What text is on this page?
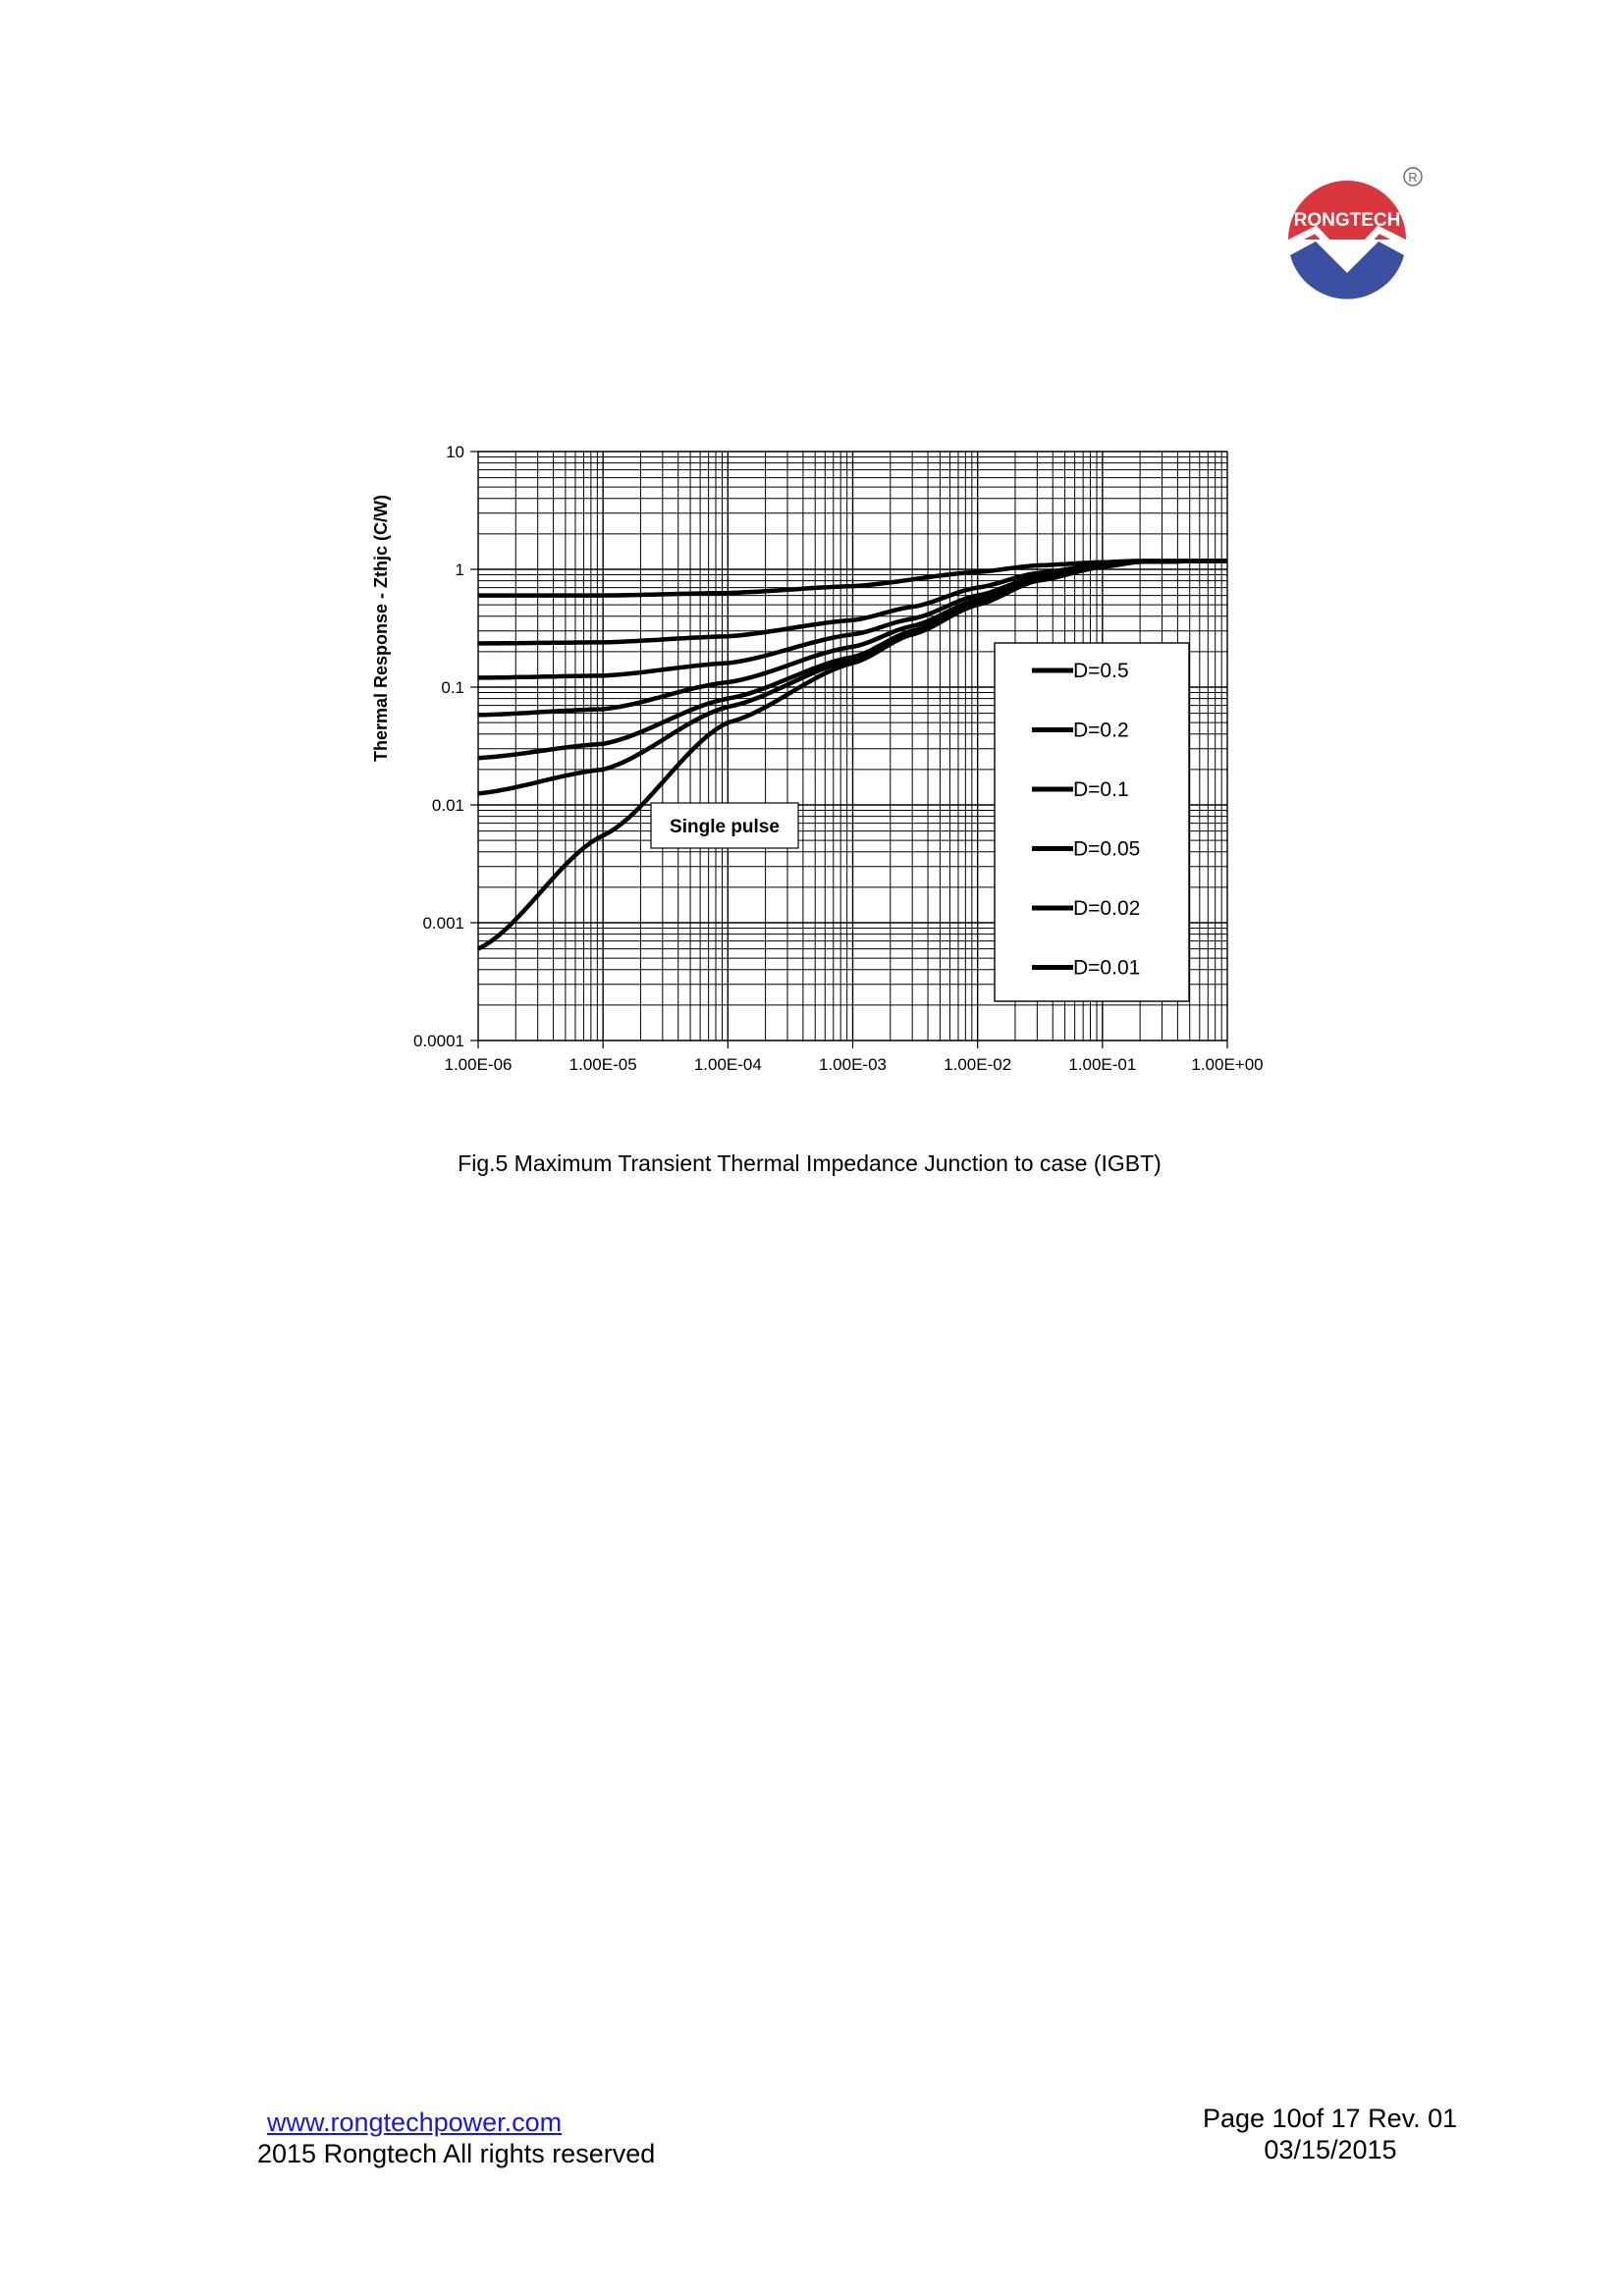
RONGTECH
R
1.00E-06	1.00E-05	1.00E-04	1.00E-03	1.00E-02	1.00E-01	1.00E+00
10
1
0.1
0.01
0.001
0.0001
Thermal Response - Zthjc (C/W)
Single pulse
D=0.5
D=0.2
D=0.1
D=0.05
D=0.02
D=0.01
Fig.5 Maximum Transient Thermal Impedance Junction to case (IGBT)
www.rongtechpower.com
2015 Rongtech All rights reserved
Page 10of 17 Rev. 01
03/15/2015
